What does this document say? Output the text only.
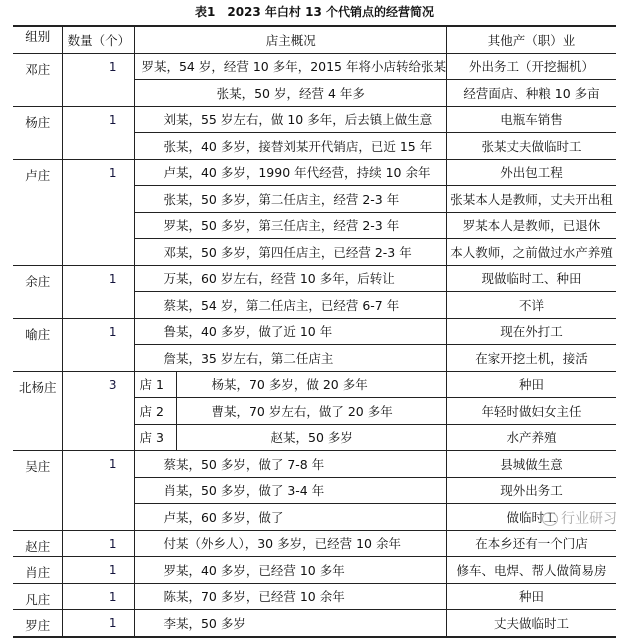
表1　2023 年白村 13 个代销点的经营简况
组别	数量（个）	店主概况		其他产（职）业
邓庄	1	罗某，54 岁，经营 10 多年，2015 年将小店转给张某		外出务工（开挖掘机）
		张某，50 岁，经营 4 年多		经营面店、种粮 10 多亩
杨庄	1	刘某，55 岁左右，做 10 多年，后去镇上做生意		电瓶车销售
		张某，40 多岁，接替刘某开代销店，已近 15 年		张某丈夫做临时工
卢庄	1	卢某，40 多岁，1990 年代经营，持续 10 余年		外出包工程
		张某，50 多岁，第二任店主，经营 2-3 年		张某本人是教师，丈夫开出租
		罗某，50 多岁，第三任店主，经营 2-3 年		罗某本人是教师，已退休
		邓某，50 多岁，第四任店主，已经营 2-3 年		本人教师，之前做过水产养殖
余庄	1	万某，60 岁左右，经营 10 多年，后转让		现做临时工、种田
		蔡某，54 岁，第二任店主，已经营 6-7 年		不详
喻庄	1	鲁某，40 多岁，做了近 10 年		现在外打工
		詹某，35 岁左右，第二任店主		在家开挖土机，接活
北杨庄	3	店 1	杨某，70 多岁，做 20 多年	种田
		店 2	曹某，70 岁左右，做了 20 多年	年轻时做妇女主任
		店 3	赵某，50 多岁	水产养殖
吴庄	1	蔡某，50 多岁，做了 7-8 年		县城做生意
		肖某，50 多岁，做了 3-4 年		现外出务工
		卢某，60 多岁，做了		做临时工
赵庄	1	付某（外乡人），30 多岁，已经营 10 余年		在本乡还有一个门店
肖庄	1	罗某，40 多岁，已经营 10 多年		修车、电焊、帮人做简易房
凡庄	1	陈某，70 多岁，已经营 10 余年		种田
罗庄	1	李某，50 多岁		丈夫做临时工
行业研习
